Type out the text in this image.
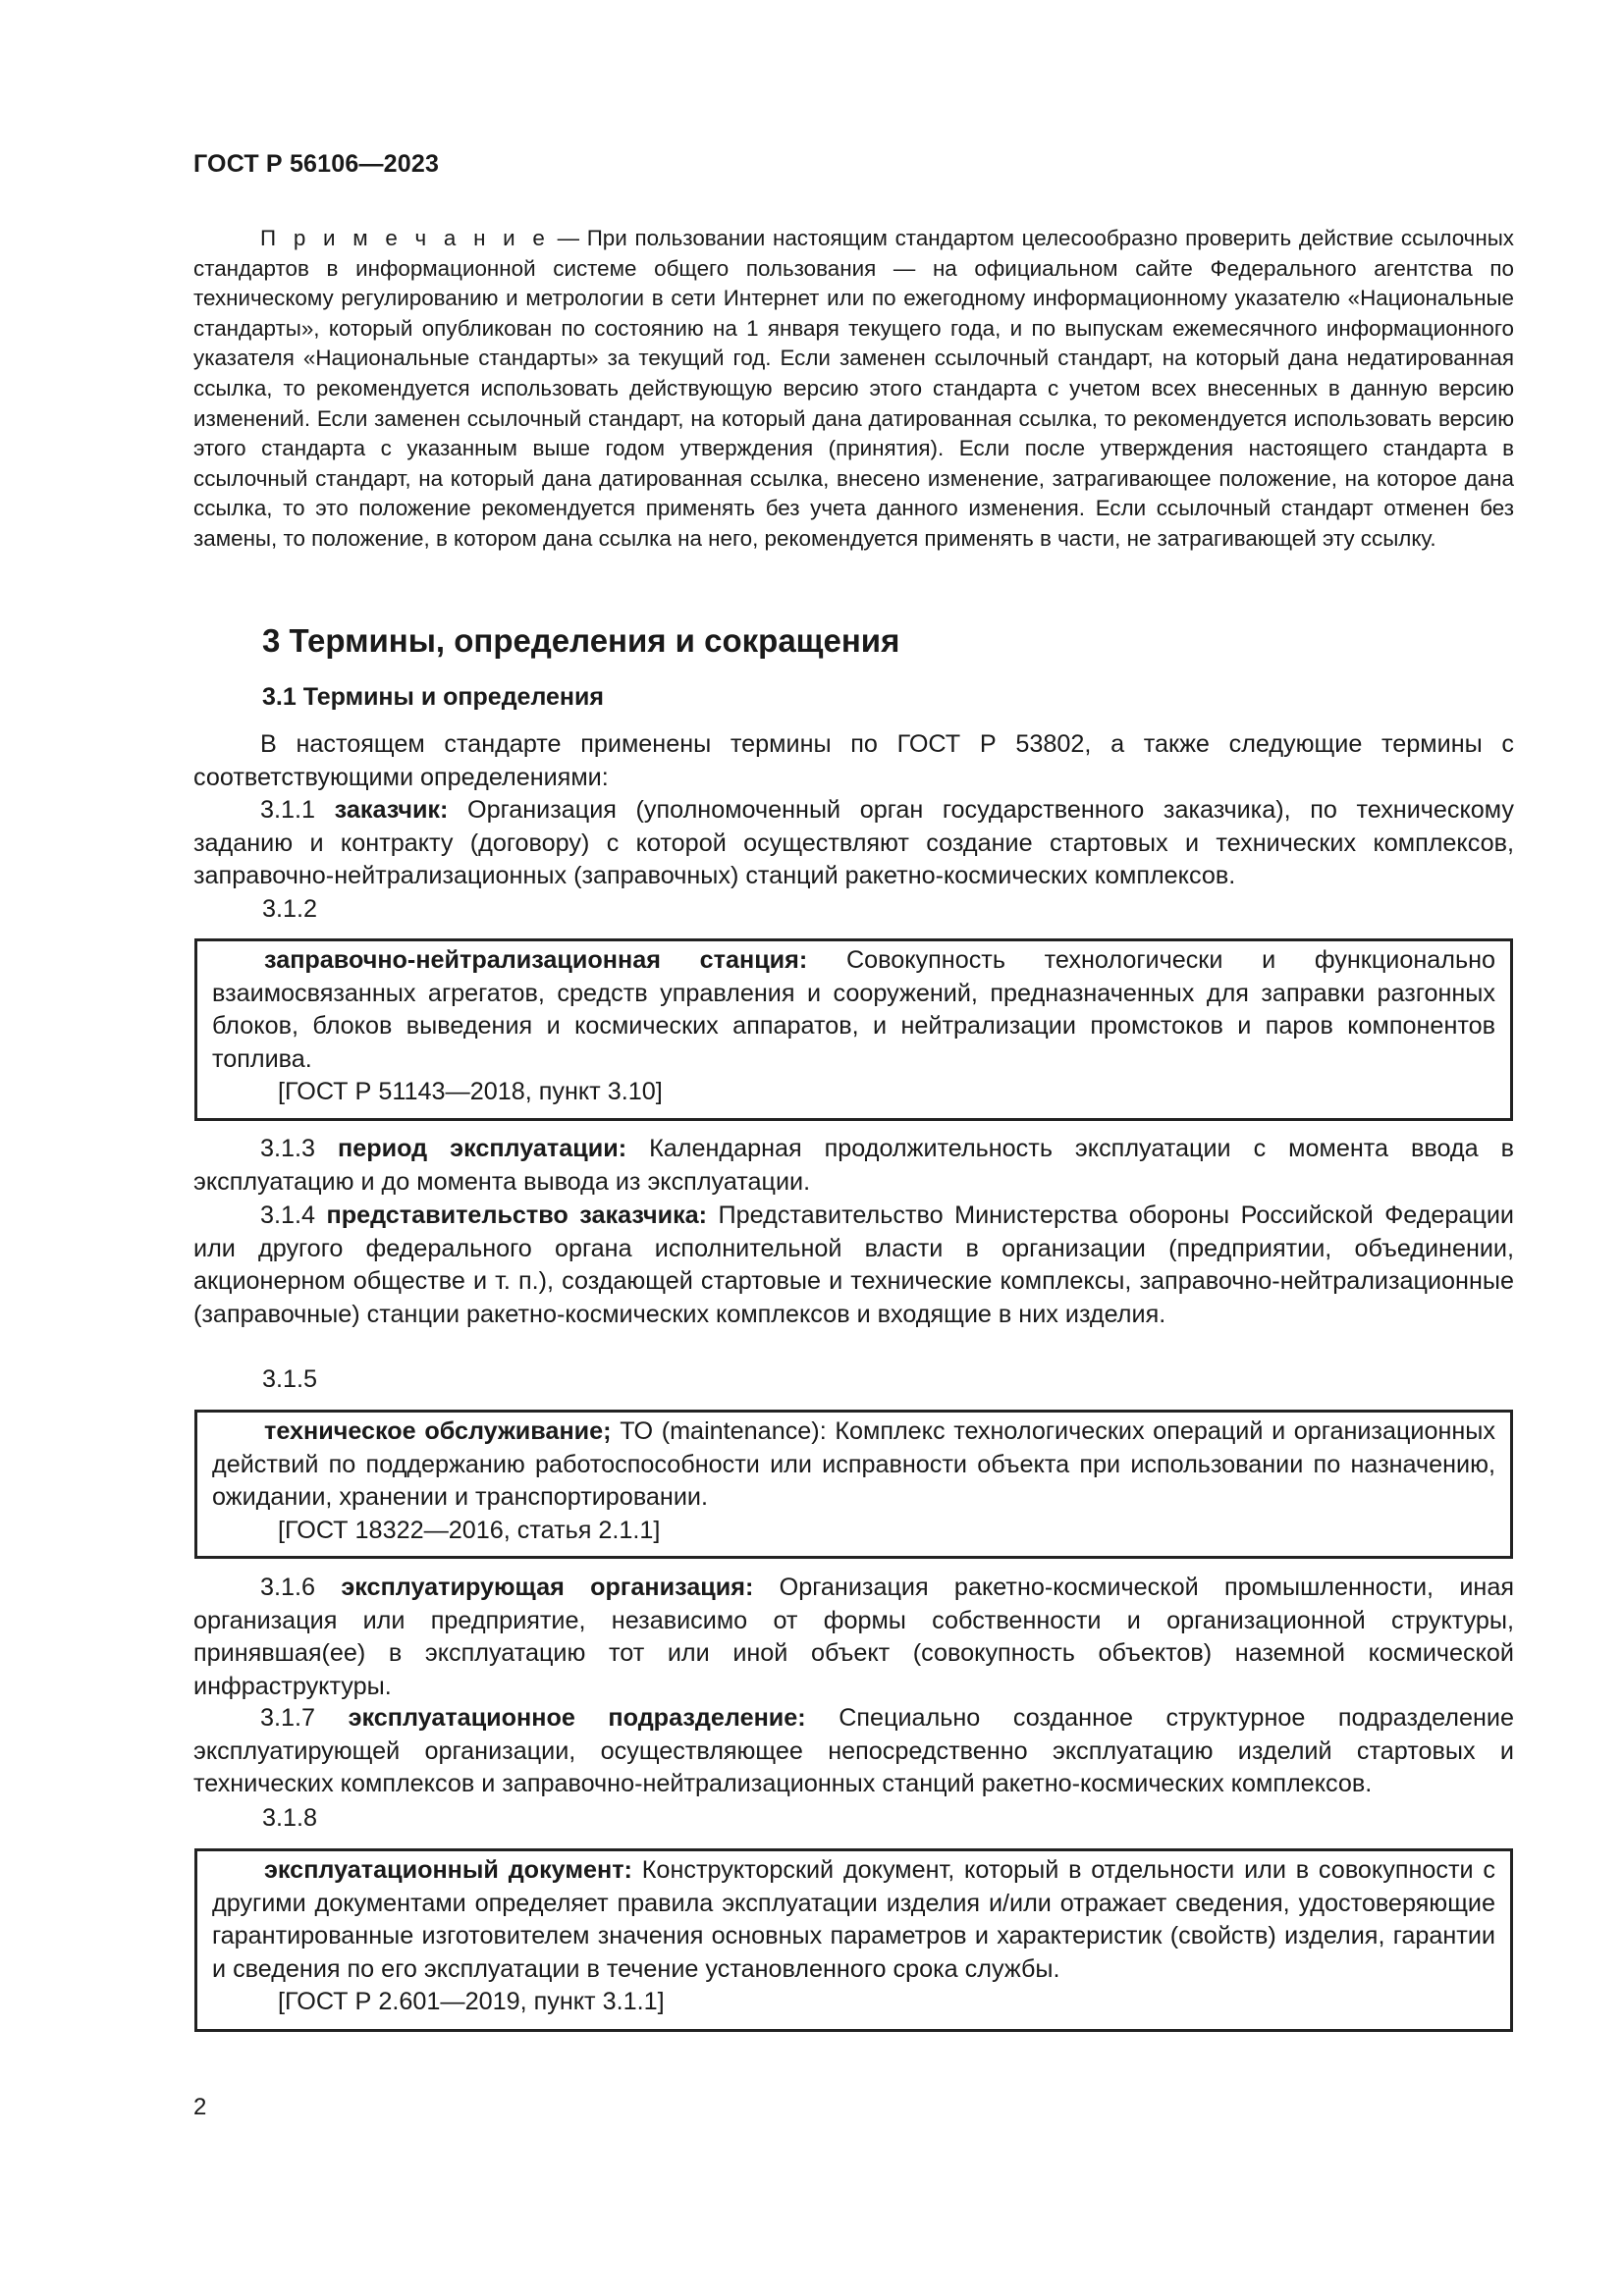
ГОСТ Р 56106—2023
П р и м е ч а н и е — При пользовании настоящим стандартом целесообразно проверить действие ссылочных стандартов в информационной системе общего пользования — на официальном сайте Федерального агентства по техническому регулированию и метрологии в сети Интернет или по ежегодному информационному указателю «Национальные стандарты», который опубликован по состоянию на 1 января текущего года, и по выпускам ежемесячного информационного указателя «Национальные стандарты» за текущий год. Если заменен ссылочный стандарт, на который дана недатированная ссылка, то рекомендуется использовать действующую версию этого стандарта с учетом всех внесенных в данную версию изменений. Если заменен ссылочный стандарт, на который дана датированная ссылка, то рекомендуется использовать версию этого стандарта с указанным выше годом утверждения (принятия). Если после утверждения настоящего стандарта в ссылочный стандарт, на который дана датированная ссылка, внесено изменение, затрагивающее положение, на которое дана ссылка, то это положение рекомендуется применять без учета данного изменения. Если ссылочный стандарт отменен без замены, то положение, в котором дана ссылка на него, рекомендуется применять в части, не затрагивающей эту ссылку.
3 Термины, определения и сокращения
3.1 Термины и определения
В настоящем стандарте применены термины по ГОСТ Р 53802, а также следующие термины с соответствующими определениями:
3.1.1 заказчик: Организация (уполномоченный орган государственного заказчика), по техническому заданию и контракту (договору) с которой осуществляют создание стартовых и технических комплексов, заправочно-нейтрализационных (заправочных) станций ракетно-космических комплексов.
3.1.2
заправочно-нейтрализационная станция: Совокупность технологически и функционально взаимосвязанных агрегатов, средств управления и сооружений, предназначенных для заправки разгонных блоков, блоков выведения и космических аппаратов, и нейтрализации промстоков и паров компонентов топлива.
[ГОСТ Р 51143—2018, пункт 3.10]
3.1.3 период эксплуатации: Календарная продолжительность эксплуатации с момента ввода в эксплуатацию и до момента вывода из эксплуатации.
3.1.4 представительство заказчика: Представительство Министерства обороны Российской Федерации или другого федерального органа исполнительной власти в организации (предприятии, объединении, акционерном обществе и т. п.), создающей стартовые и технические комплексы, заправочно-нейтрализационные (заправочные) станции ракетно-космических комплексов и входящие в них изделия.
3.1.5
техническое обслуживание; ТО (maintenance): Комплекс технологических операций и организационных действий по поддержанию работоспособности или исправности объекта при использовании по назначению, ожидании, хранении и транспортировании.
[ГОСТ 18322—2016, статья 2.1.1]
3.1.6 эксплуатирующая организация: Организация ракетно-космической промышленности, иная организация или предприятие, независимо от формы собственности и организационной структуры, принявшая(ее) в эксплуатацию тот или иной объект (совокупность объектов) наземной космической инфраструктуры.
3.1.7 эксплуатационное подразделение: Специально созданное структурное подразделение эксплуатирующей организации, осуществляющее непосредственно эксплуатацию изделий стартовых и технических комплексов и заправочно-нейтрализационных станций ракетно-космических комплексов.
3.1.8
эксплуатационный документ: Конструкторский документ, который в отдельности или в совокупности с другими документами определяет правила эксплуатации изделия и/или отражает сведения, удостоверяющие гарантированные изготовителем значения основных параметров и характеристик (свойств) изделия, гарантии и сведения по его эксплуатации в течение установленного срока службы.
[ГОСТ Р 2.601—2019, пункт 3.1.1]
2
